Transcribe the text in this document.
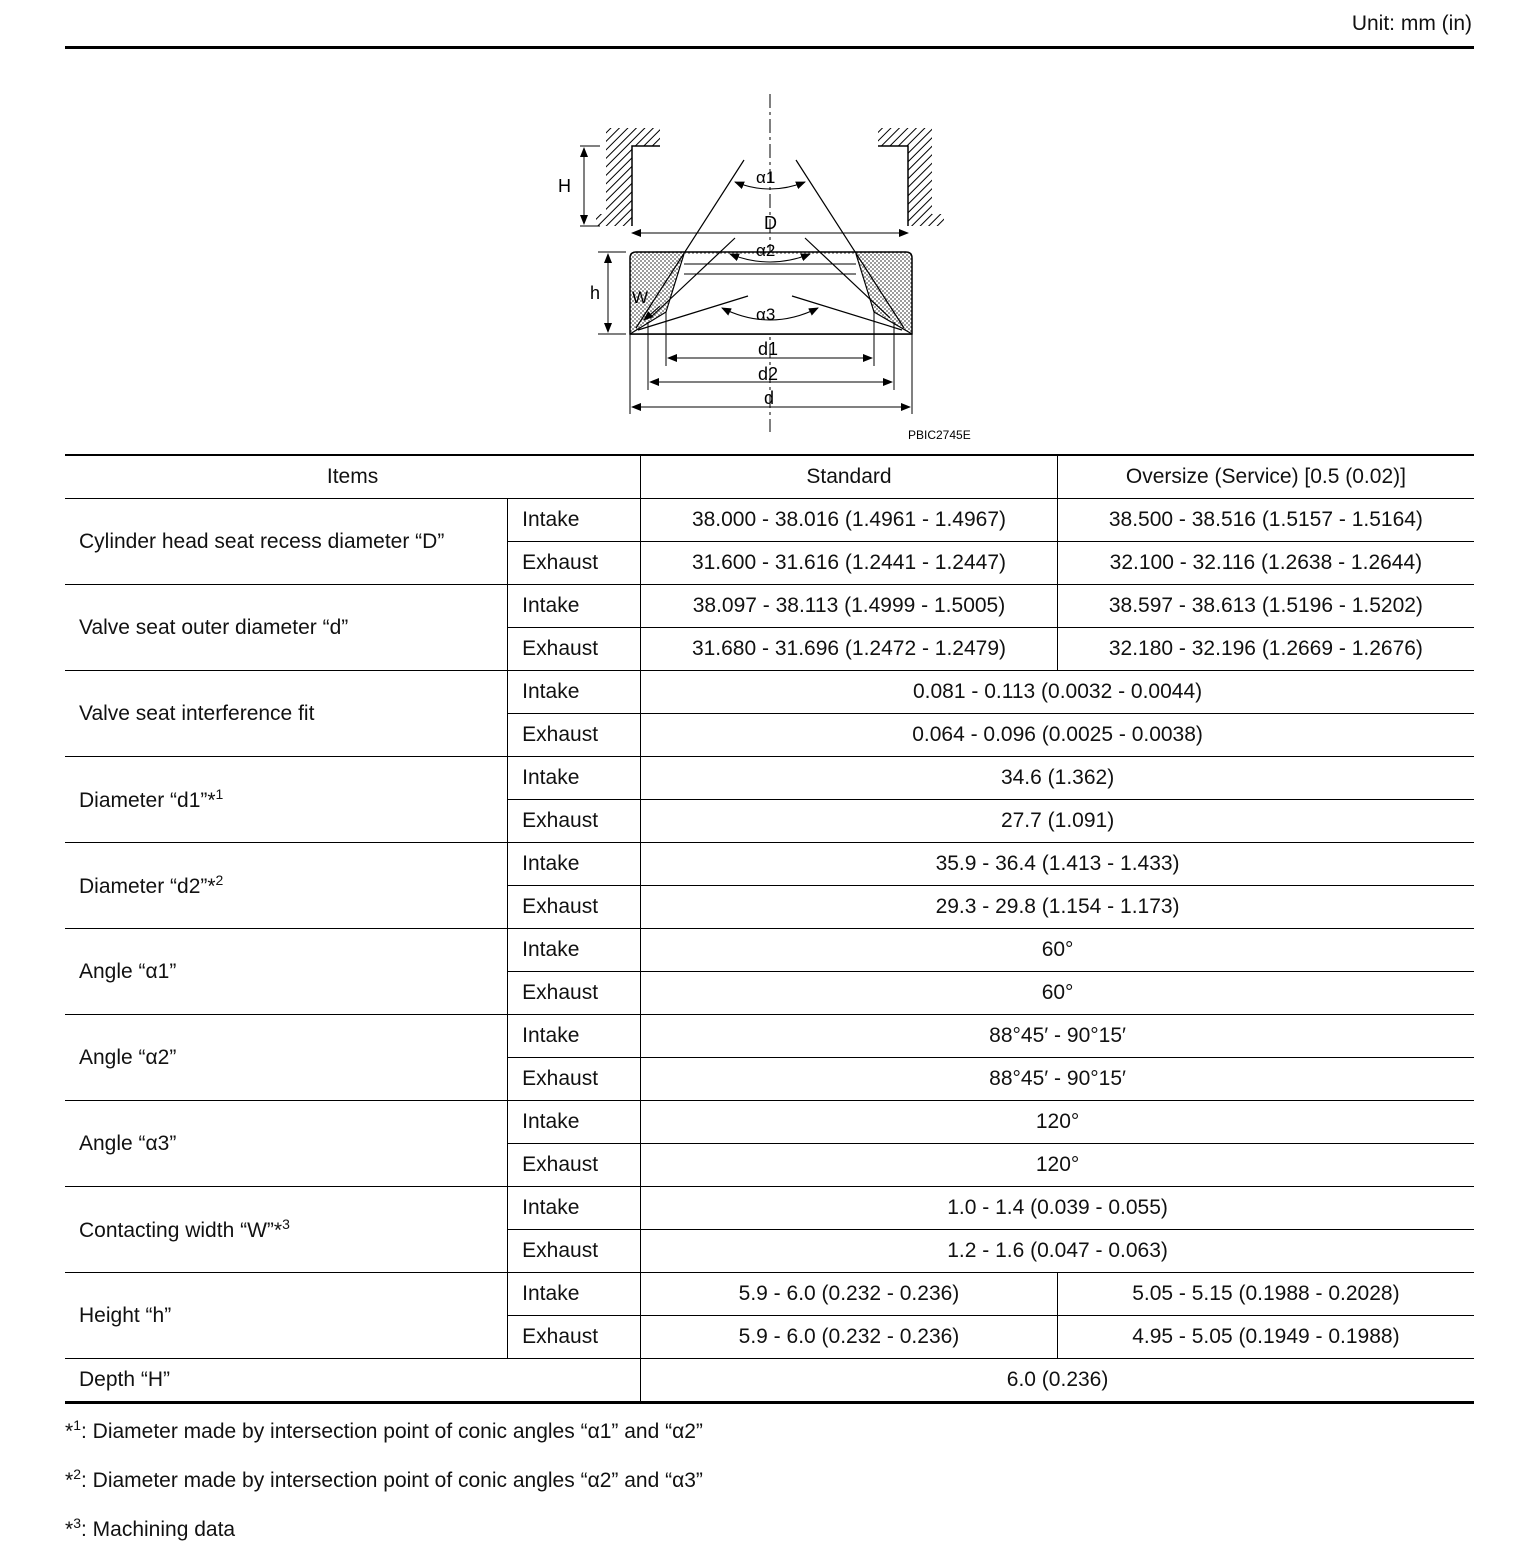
Unit: mm (in)
H
D
α1
α2
α3
h W
d1
d2
d
PBIC2745E
Items		Standard	Oversize (Service) [0.5 (0.02)]
Cylinder head seat recess diameter “D”	Intake	38.000 - 38.016 (1.4961 - 1.4967)	38.500 - 38.516 (1.5157 - 1.5164)
	Exhaust	31.600 - 31.616 (1.2441 - 1.2447)	32.100 - 32.116 (1.2638 - 1.2644)
Valve seat outer diameter “d”	Intake	38.097 - 38.113 (1.4999 - 1.5005)	38.597 - 38.613 (1.5196 - 1.5202)
	Exhaust	31.680 - 31.696 (1.2472 - 1.2479)	32.180 - 32.196 (1.2669 - 1.2676)
Valve seat interference fit	Intake	0.081 - 0.113 (0.0032 - 0.0044)	
	Exhaust	0.064 - 0.096 (0.0025 - 0.0038)	
Diameter “d1”*$^1$	Intake	34.6 (1.362)	
	Exhaust	27.7 (1.091)	
Diameter “d2”*$^2$	Intake	35.9 - 36.4 (1.413 - 1.433)	
	Exhaust	29.3 - 29.8 (1.154 - 1.173)	
Angle “α1”	Intake	60°	
	Exhaust	60°	
Angle “α2”	Intake	88°45′ - 90°15′	
	Exhaust	88°45′ - 90°15′	
Angle “α3”	Intake	120°	
	Exhaust	120°	
Contacting width “W”*$^3$	Intake	1.0 - 1.4 (0.039 - 0.055)	
	Exhaust	1.2 - 1.6 (0.047 - 0.063)	
Height “h”	Intake	5.9 - 6.0 (0.232 - 0.236)	5.05 - 5.15 (0.1988 - 0.2028)
	Exhaust	5.9 - 6.0 (0.232 - 0.236)	4.95 - 5.05 (0.1949 - 0.1988)
Depth “H”		6.0 (0.236)	
*$^1$: Diameter made by intersection point of conic angles “α1” and “α2”
*$^2$: Diameter made by intersection point of conic angles “α2” and “α3”
*$^3$: Machining data
